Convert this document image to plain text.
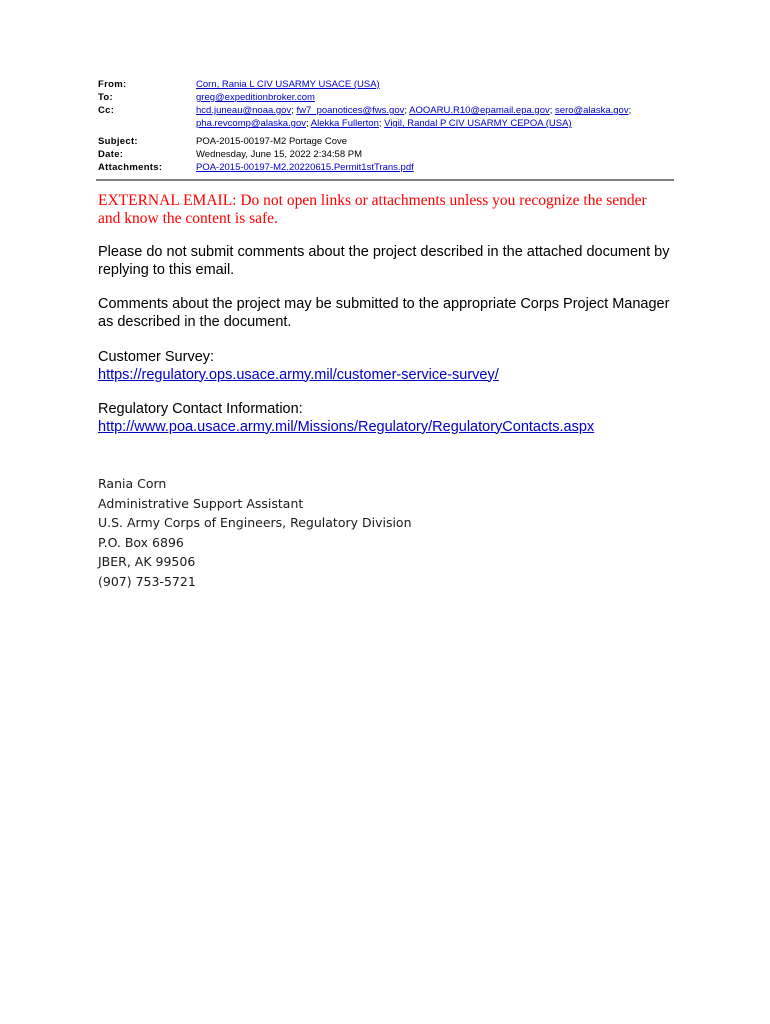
From:	Corn, Rania L CIV USARMY USACE (USA)
To:	greg@expeditionbroker.com
Cc:	hcd.juneau@noaa.gov; fw7_poanotices@fws.gov; AOOARU.R10@epamail.epa.gov; sero@alaska.gov;
pha.revcomp@alaska.gov; Alekka Fullerton; Vigil, Randal P CIV USARMY CEPOA (USA)
Subject:	POA-2015-00197-M2 Portage Cove
Date:	Wednesday, June 15, 2022 2:34:58 PM
Attachments:	POA-2015-00197-M2.20220615.Permit1stTrans.pdf
EXTERNAL EMAIL: Do not open links or attachments unless you recognize the sender and know the content is safe.
Please do not submit comments about the project described in the attached document by replying to this email.
Comments about the project may be submitted to the appropriate Corps Project Manager as described in the document.
Customer Survey:
https://regulatory.ops.usace.army.mil/customer-service-survey/
Regulatory Contact Information:
http://www.poa.usace.army.mil/Missions/Regulatory/RegulatoryContacts.aspx
Rania Corn
Administrative Support Assistant
U.S. Army Corps of Engineers, Regulatory Division
P.O. Box 6896
JBER, AK 99506
(907) 753-5721
